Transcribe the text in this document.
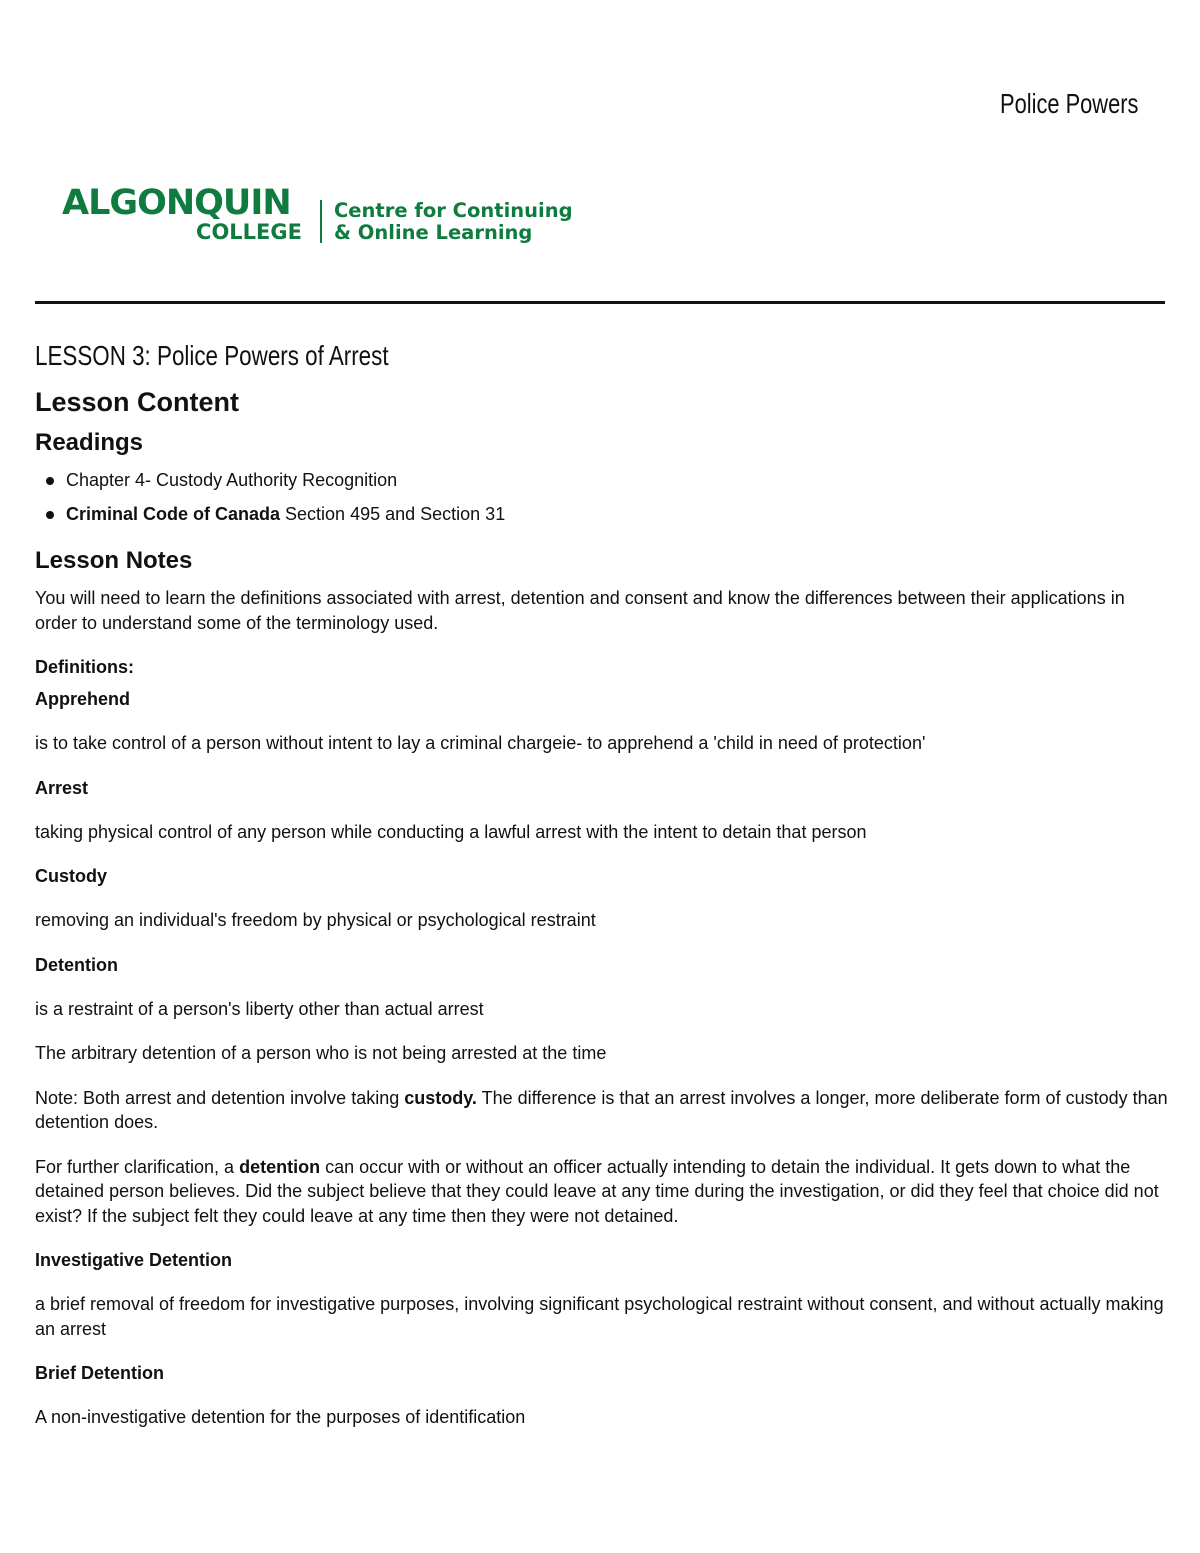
Police Powers
ALGONQUIN
COLLEGE
Centre for Continuing
& Online Learning
LESSON 3: Police Powers of Arrest
Lesson Content
Readings
Chapter 4- Custody Authority Recognition
Criminal Code of Canada Section 495 and Section 31
Lesson Notes

You will need to learn the definitions associated with arrest, detention and consent and know the differences between their applications in order to understand some of the terminology used.

Definitions:
Apprehend

is to take control of a person without intent to lay a criminal chargeie- to apprehend a 'child in need of protection'

Arrest

taking physical control of any person while conducting a lawful arrest with the intent to detain that person

Custody

removing an individual's freedom by physical or psychological restraint

Detention

is a restraint of a person's liberty other than actual arrest

The arbitrary detention of a person who is not being arrested at the time

Note: Both arrest and detention involve taking custody. The difference is that an arrest involves a longer, more deliberate form of custody than detention does.

For further clarification, a detention can occur with or without an officer actually intending to detain the individual. It gets down to what the detained person believes. Did the subject believe that they could leave at any time during the investigation, or did they feel that choice did not exist? If the subject felt they could leave at any time then they were not detained.

Investigative Detention

a brief removal of freedom for investigative purposes, involving significant psychological restraint without consent, and without actually making an arrest

Brief Detention

A non-investigative detention for the purposes of identification
